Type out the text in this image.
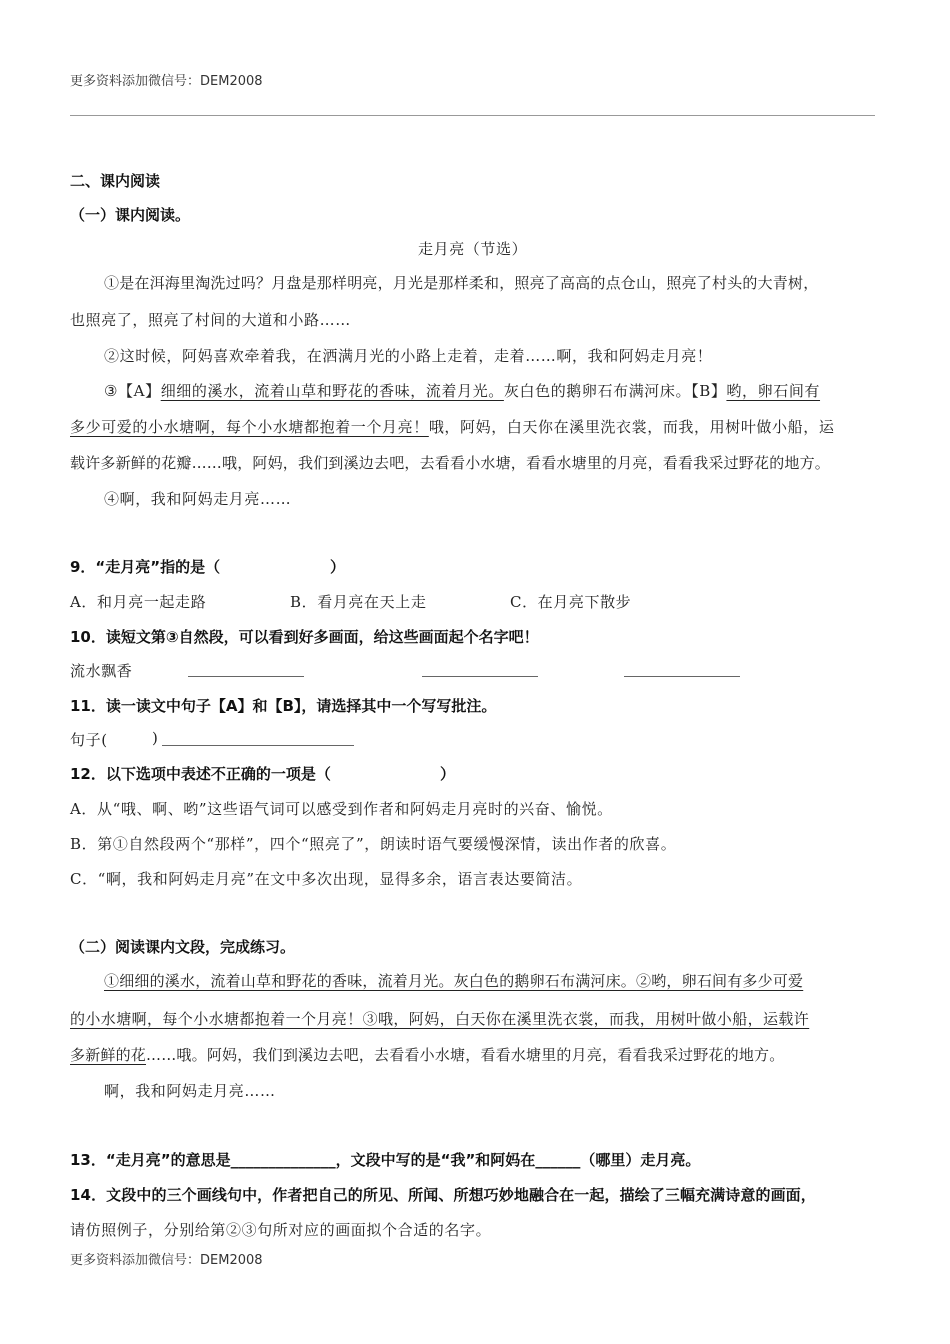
更多资料添加微信号：DEM2008
二、课内阅读
（一）课内阅读。
走月亮（节选）
①是在洱海里淘洗过吗？月盘是那样明亮，月光是那样柔和，照亮了高高的点仓山，照亮了村头的大青树，
也照亮了，照亮了村间的大道和小路……
②这时候，阿妈喜欢牵着我，在洒满月光的小路上走着，走着……啊，我和阿妈走月亮！
③【A】细细的溪水，流着山草和野花的香味，流着月光。灰白色的鹅卵石布满河床。【B】哟，卵石间有
多少可爱的小水塘啊，每个小水塘都抱着一个月亮！哦，阿妈，白天你在溪里洗衣裳，而我，用树叶做小船，运
载许多新鲜的花瓣……哦，阿妈，我们到溪边去吧，去看看小水塘，看看水塘里的月亮，看看我采过野花的地方。
④啊，我和阿妈走月亮……
9．“走月亮”指的是（	）
A．和月亮一起走路	B．看月亮在天上走	C．在月亮下散步
10．读短文第③自然段，可以看到好多画面，给这些画面起个名字吧！
流水飘香
11．读一读文中句子【A】和【B】，请选择其中一个写写批注。
句子(	)
12．以下选项中表述不正确的一项是（	）
A．从“哦、啊、哟”这些语气词可以感受到作者和阿妈走月亮时的兴奋、愉悦。
B．第①自然段两个“那样”，四个“照亮了”，朗读时语气要缓慢深情，读出作者的欣喜。
C．“啊，我和阿妈走月亮”在文中多次出现，显得多余，语言表达要简洁。
（二）阅读课内文段，完成练习。
①细细的溪水，流着山草和野花的香味，流着月光。灰白色的鹅卵石布满河床。②哟，卵石间有多少可爱
的小水塘啊，每个小水塘都抱着一个月亮！③哦，阿妈，白天你在溪里洗衣裳，而我，用树叶做小船，运载许
多新鲜的花……哦。阿妈，我们到溪边去吧，去看看小水塘，看看水塘里的月亮，看看我采过野花的地方。
啊，我和阿妈走月亮……
13．“走月亮”的意思是______________，文段中写的是“我”和阿妈在______（哪里）走月亮。
14．文段中的三个画线句中，作者把自己的所见、所闻、所想巧妙地融合在一起，描绘了三幅充满诗意的画面，
请仿照例子，分别给第②③句所对应的画面拟个合适的名字。
更多资料添加微信号：DEM2008
